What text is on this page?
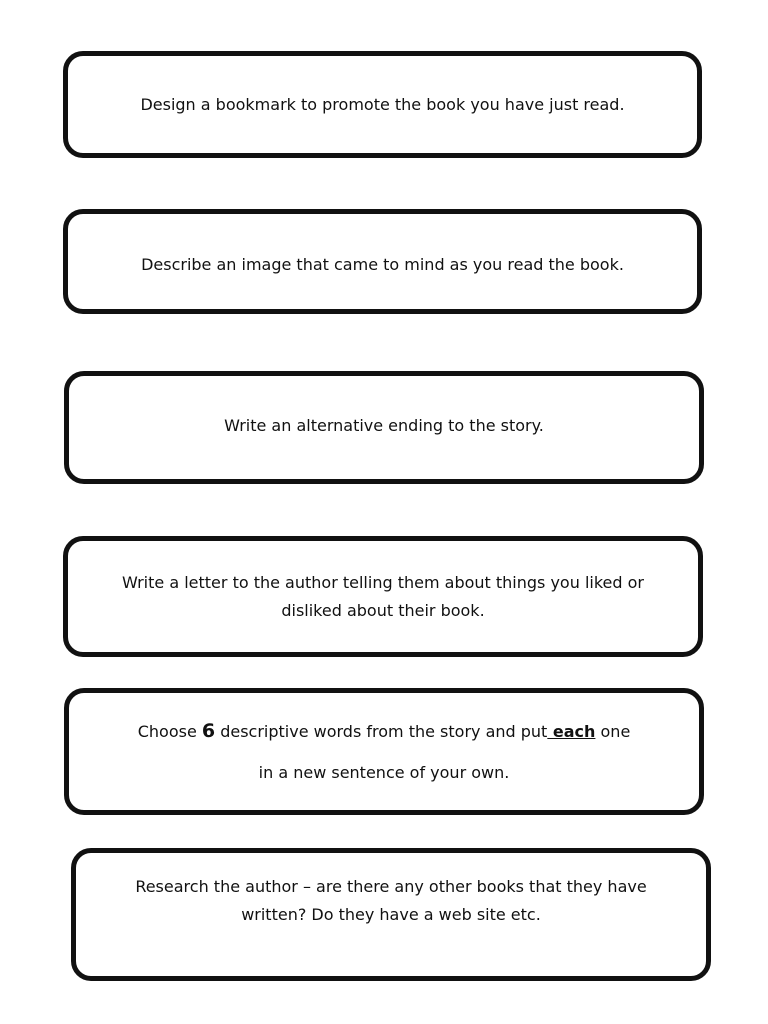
Design a bookmark to promote the book you have just read.

Describe an image that came to mind as you read the book.

Write an alternative ending to the story.

Write a letter to the author telling them about things you liked or

disliked about their book.

Choose 6 descriptive words from the story and put each one

in a new sentence of your own.

Research the author – are there any other books that they have

written? Do they have a web site etc.
